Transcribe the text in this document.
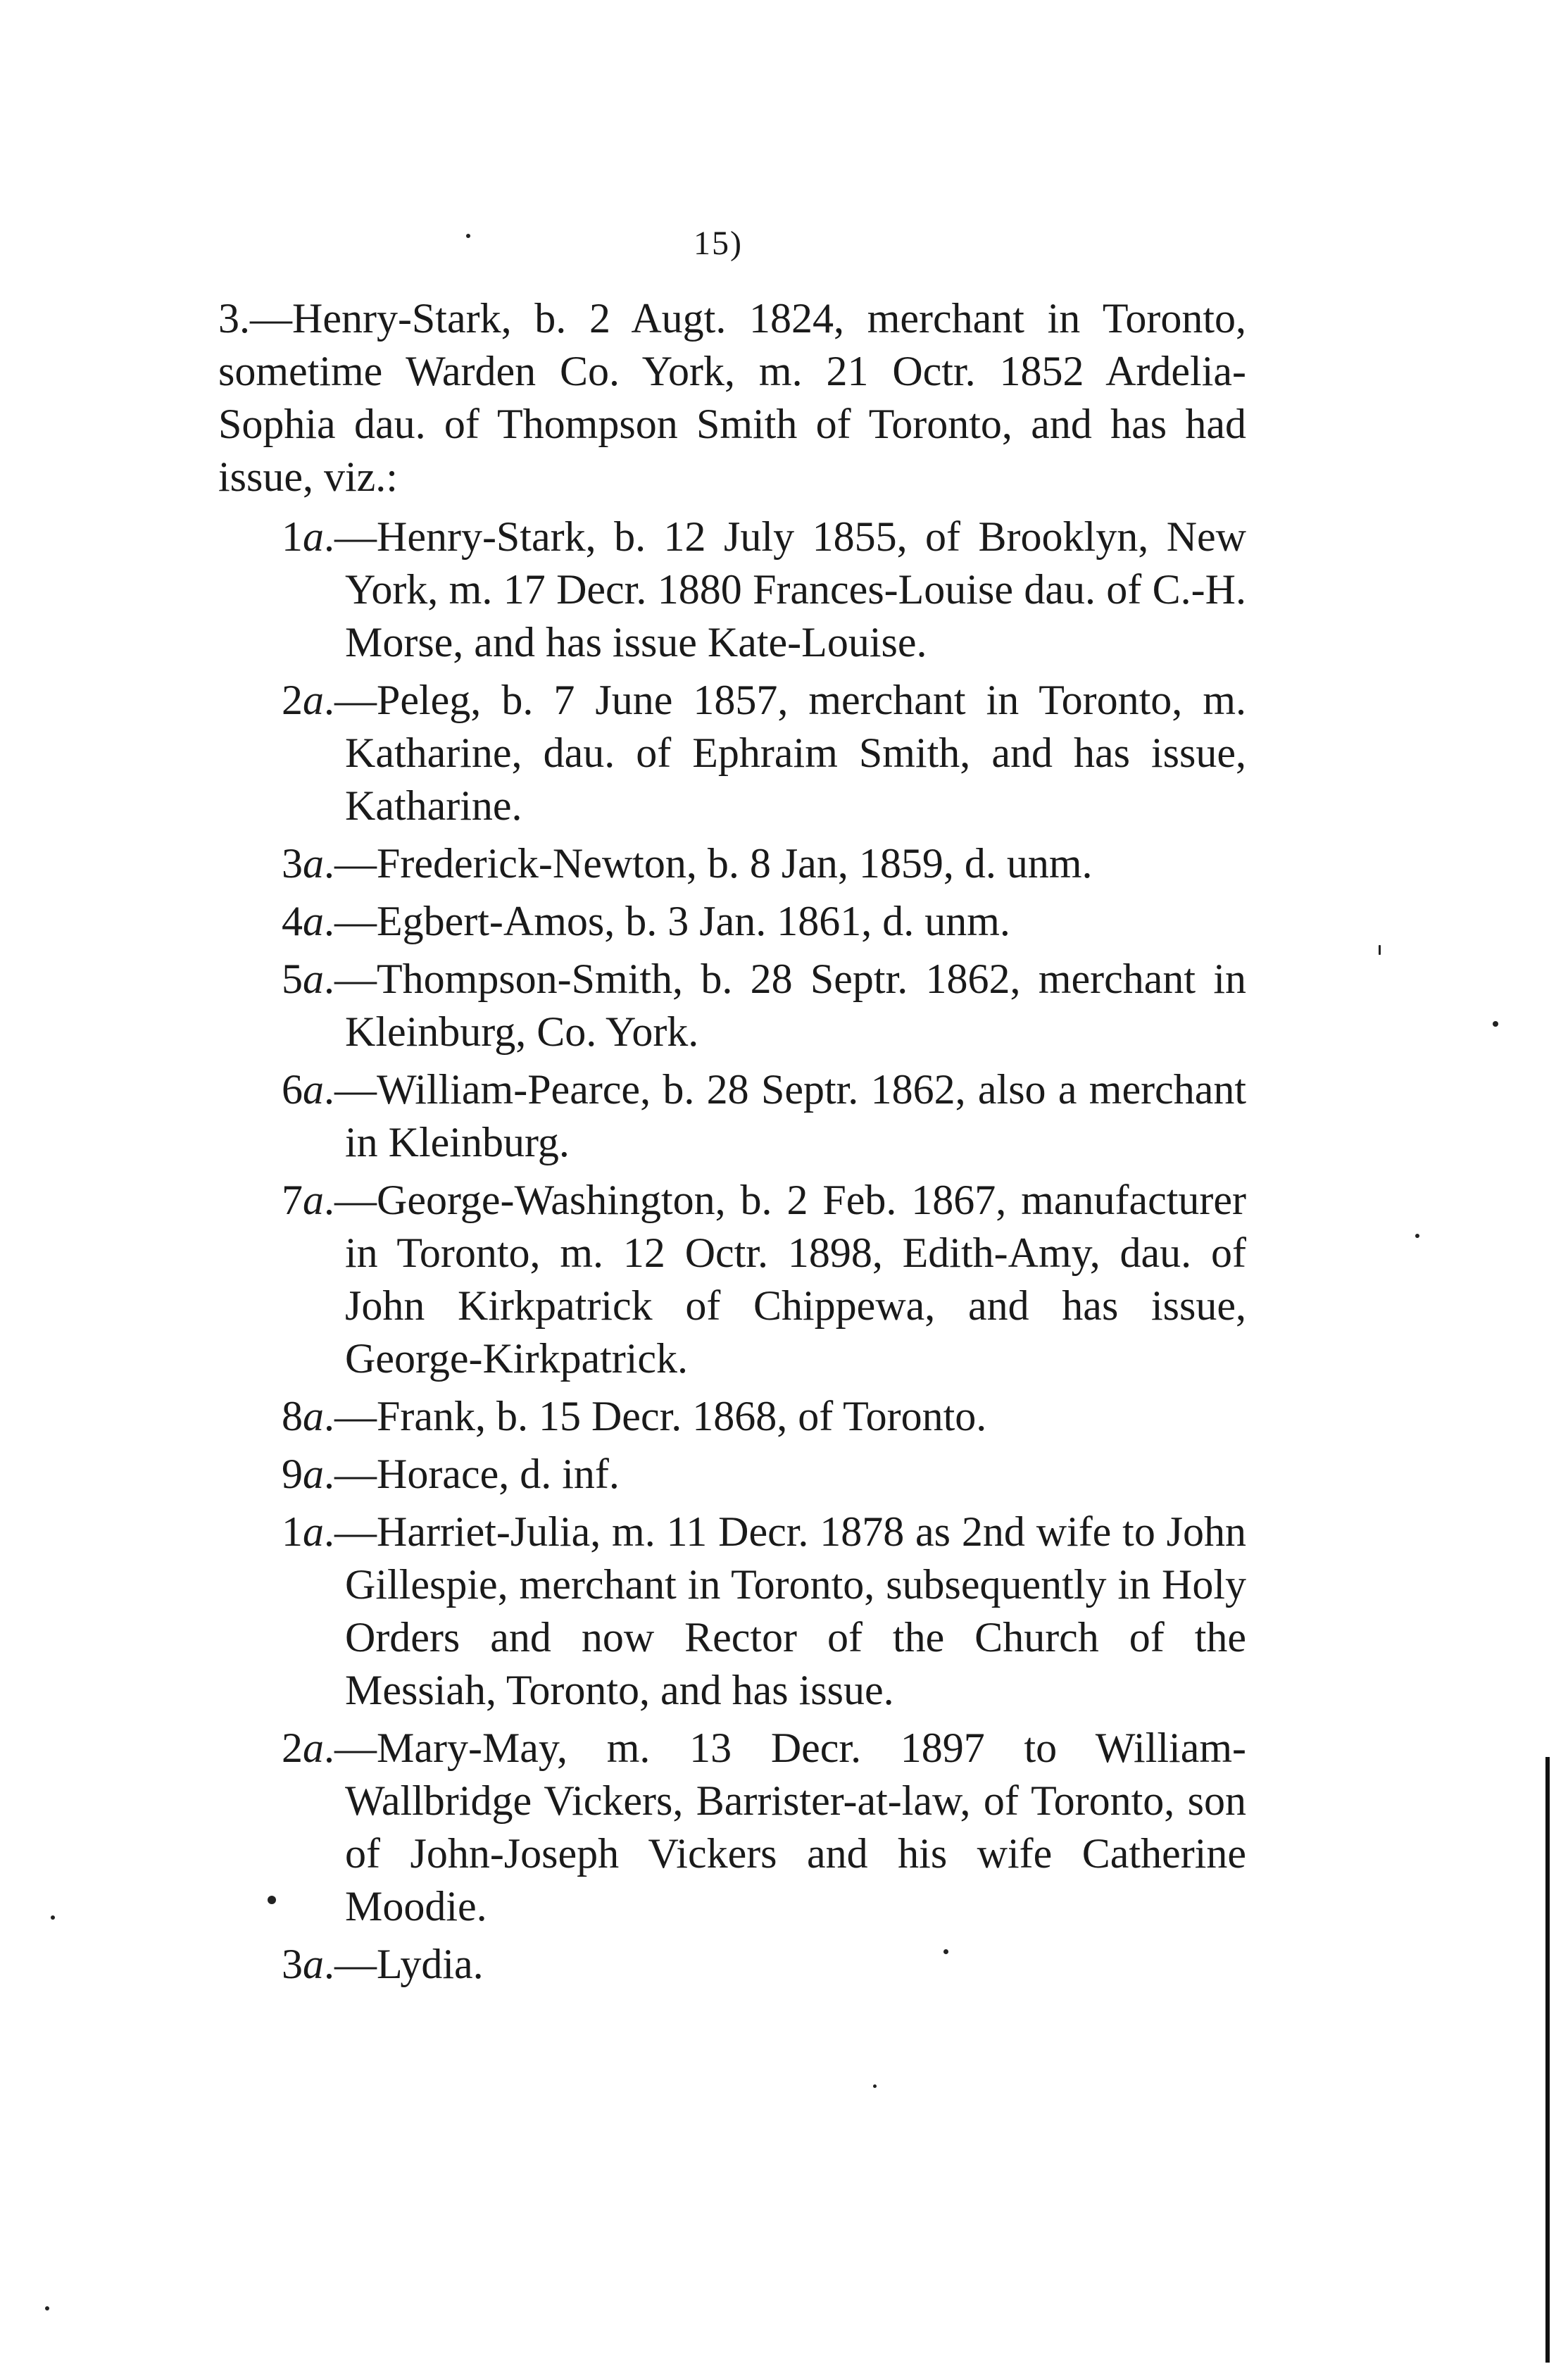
15)

3.—Henry-Stark, b. 2 Augt. 1824, merchant in Toronto, sometime Warden Co. York, m. 21 Octr. 1852 Ardelia-Sophia dau. of Thompson Smith of Toronto, and has had issue, viz.:

1a.—Henry-Stark, b. 12 July 1855, of Brooklyn, New York, m. 17 Decr. 1880 Frances-Louise dau. of C.-H. Morse, and has issue Kate-Louise.

2a.—Peleg, b. 7 June 1857, merchant in Toronto, m. Katharine, dau. of Ephraim Smith, and has issue, Katharine.

3a.—Frederick-Newton, b. 8 Jan, 1859, d. unm.

4a.—Egbert-Amos, b. 3 Jan. 1861, d. unm.

5a.—Thompson-Smith, b. 28 Septr. 1862, merchant in Kleinburg, Co. York.

6a.—William-Pearce, b. 28 Septr. 1862, also a merchant in Kleinburg.

7a.—George-Washington, b. 2 Feb. 1867, manufacturer in Toronto, m. 12 Octr. 1898, Edith-Amy, dau. of John Kirkpatrick of Chippewa, and has issue, George-Kirkpatrick.

8a.—Frank, b. 15 Decr. 1868, of Toronto.

9a.—Horace, d. inf.

1a.—Harriet-Julia, m. 11 Decr. 1878 as 2nd wife to John Gillespie, merchant in Toronto, subsequently in Holy Orders and now Rector of the Church of the Messiah, Toronto, and has issue.

2a.—Mary-May, m. 13 Decr. 1897 to William-Wallbridge Vickers, Barrister-at-law, of Toronto, son of John-Joseph Vickers and his wife Catherine Moodie.

3a.—Lydia.
